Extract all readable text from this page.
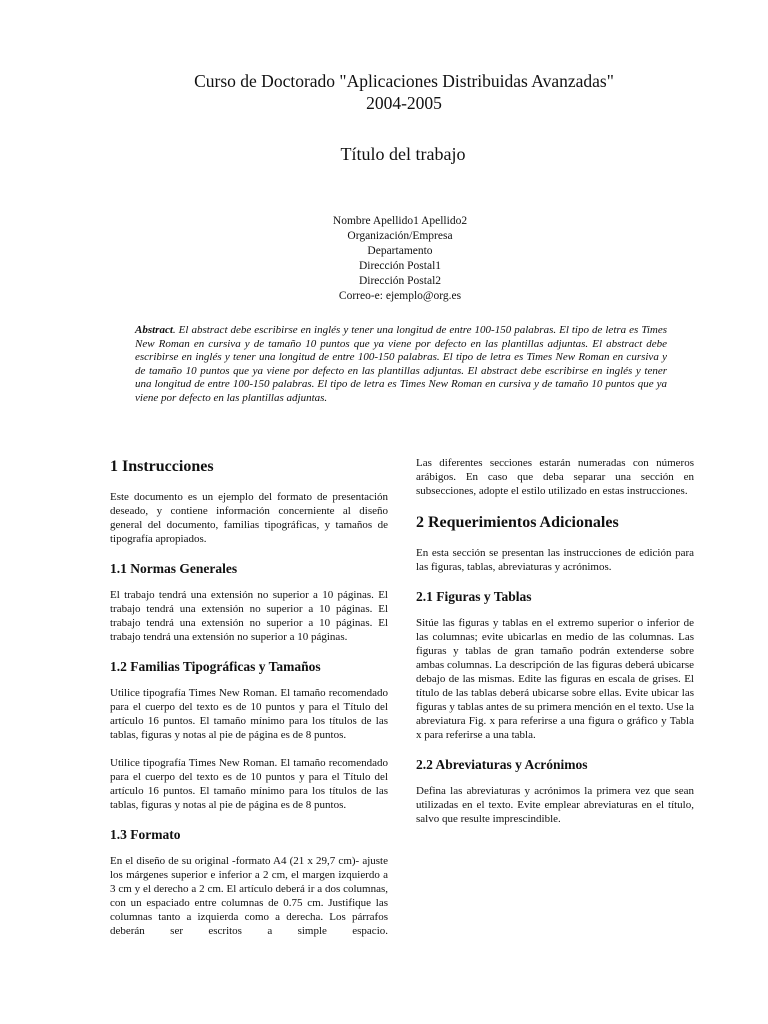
Curso de Doctorado "Aplicaciones Distribuidas Avanzadas"
2004-2005
Título del trabajo
Nombre Apellido1 Apellido2
Organización/Empresa
Departamento
Dirección Postal1
Dirección Postal2
Correo-e: ejemplo@org.es
Abstract. El abstract debe escribirse en inglés y tener una longitud de entre 100-150 palabras. El tipo de letra es Times New Roman en cursiva y de tamaño 10 puntos que ya viene por defecto en las plantillas adjuntas. El abstract debe escribirse en inglés y tener una longitud de entre 100-150 palabras. El tipo de letra es Times New Roman en cursiva y de tamaño 10 puntos que ya viene por defecto en las plantillas adjuntas. El abstract debe escribirse en inglés y tener una longitud de entre 100-150 palabras. El tipo de letra es Times New Roman en cursiva y de tamaño 10 puntos que ya viene por defecto en las plantillas adjuntas.
1 Instrucciones

Este documento es un ejemplo del formato de presentación deseado, y contiene información concerniente al diseño general del documento, familias tipográficas, y tamaños de tipografía apropiados.

1.1 Normas Generales

El trabajo tendrá una extensión no superior a 10 páginas. El trabajo tendrá una extensión no superior a 10 páginas. El trabajo tendrá una extensión no superior a 10 páginas. El trabajo tendrá una extensión no superior a 10 páginas.

1.2 Familias Tipográficas y Tamaños

Utilice tipografía Times New Roman. El tamaño recomendado para el cuerpo del texto es de 10 puntos y para el Título del artículo 16 puntos. El tamaño mínimo para los títulos de las tablas, figuras y notas al pie de página es de 8 puntos.

Utilice tipografía Times New Roman. El tamaño recomendado para el cuerpo del texto es de 10 puntos y para el Título del artículo 16 puntos. El tamaño mínimo para los títulos de las tablas, figuras y notas al pie de página es de 8 puntos.

1.3 Formato

En el diseño de su original -formato A4 (21 x 29,7 cm)- ajuste los márgenes superior e inferior a 2 cm, el margen izquierdo a 3 cm y el derecho a 2 cm. El artículo deberá ir a dos columnas, con un espaciado entre columnas de 0.75 cm. Justifique las columnas tanto a izquierda como a derecha. Los párrafos deberán ser escritos a simple espacio.

Las diferentes secciones estarán numeradas con números arábigos. En caso que deba separar una sección en subsecciones, adopte el estilo utilizado en estas instrucciones.

2 Requerimientos Adicionales

En esta sección se presentan las instrucciones de edición para las figuras, tablas, abreviaturas y acrónimos.

2.1 Figuras y Tablas

Sitúe las figuras y tablas en el extremo superior o inferior de las columnas; evite ubicarlas en medio de las columnas. Las figuras y tablas de gran tamaño podrán extenderse sobre ambas columnas. La descripción de las figuras deberá ubicarse debajo de las mismas. Edite las figuras en escala de grises. El título de las tablas deberá ubicarse sobre ellas. Evite ubicar las figuras y tablas antes de su primera mención en el texto. Use la abreviatura Fig. x para referirse a una figura o gráfico y Tabla x para referirse a una tabla.

2.2 Abreviaturas y Acrónimos

Defina las abreviaturas y acrónimos la primera vez que sean utilizadas en el texto. Evite emplear abreviaturas en el título, salvo que resulte imprescindible.
